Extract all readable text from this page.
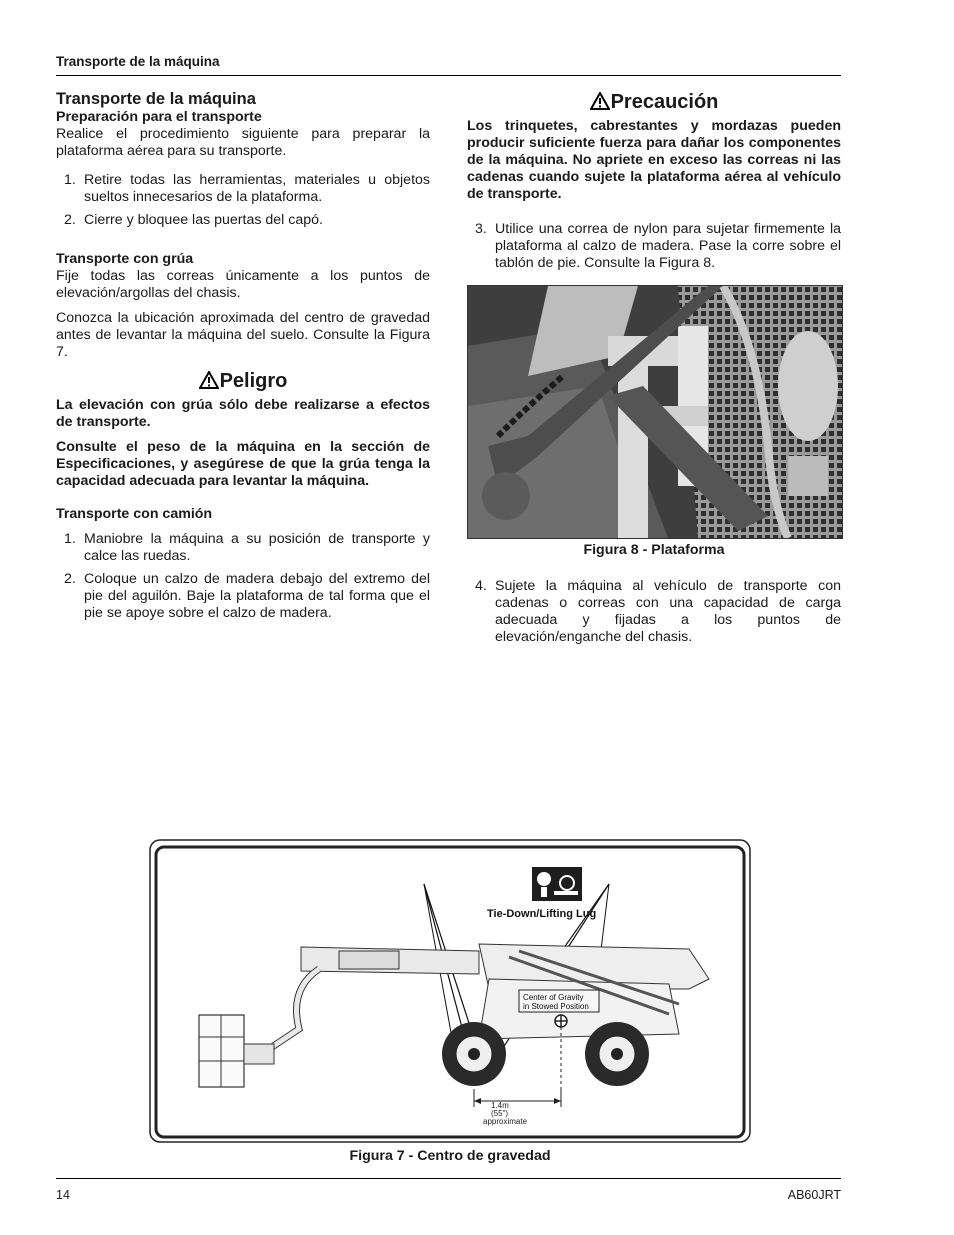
Transporte de la máquina
Transporte de la máquina
Preparación para el transporte

Realice el procedimiento siguiente para preparar la plataforma aérea para su transporte.

1. Retire todas las herramientas, materiales u objetos sueltos innecesarios de la plataforma.
2. Cierre y bloquee las puertas del capó.
Transporte con grúa

Fije todas las correas únicamente a los puntos de elevación/argollas del chasis.

Conozca la ubicación aproximada del centro de gravedad antes de levantar la máquina del suelo. Consulte la Figura 7.

Peligro

La elevación con grúa sólo debe realizarse a efectos de transporte.

Consulte el peso de la máquina en la sección de Especificaciones, y asegúrese de que la grúa tenga la capacidad adecuada para levantar la máquina.

Transporte con camión
1. Maniobre la máquina a su posición de transporte y calce las ruedas.
2. Coloque un calzo de madera debajo del extremo del pie del aguilón. Baje la plataforma de tal forma que el pie se apoye sobre el calzo de madera.
Precaución

Los trinquetes, cabrestantes y mordazas pueden producir suficiente fuerza para dañar los componentes de la máquina. No apriete en exceso las correas ni las cadenas cuando sujete la plataforma aérea al vehículo de transporte.

3. Utilice una correa de nylon para sujetar firmemente la plataforma al calzo de madera. Pase la corre sobre el tablón de pie. Consulte la Figura 8.
Figura 8 - Plataforma
4. Sujete la máquina al vehículo de transporte con cadenas o correas con una capacidad de carga adecuada y fijadas a los puntos de elevación/enganche del chasis.
1.4m
(55")
approximate
Tie-Down/Lifting Lug
Center of Gravity
in Stowed Position
Figura 7 - Centro de gravedad
14	AB60JRT
